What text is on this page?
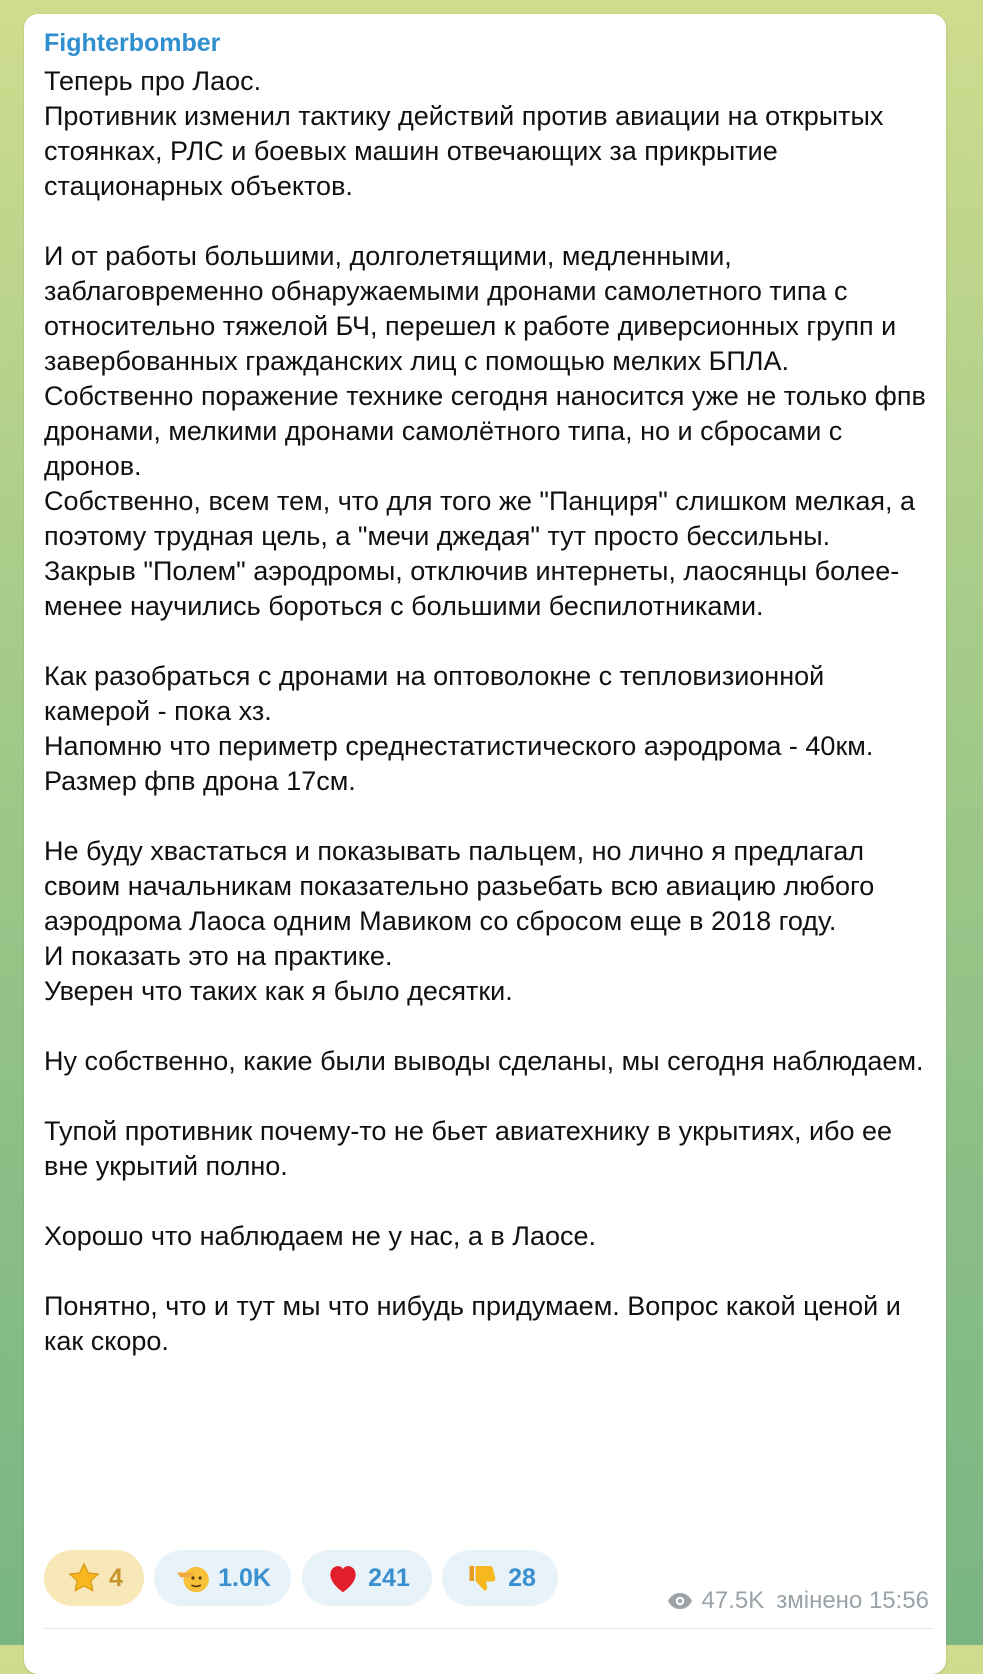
Fighterbomber

Теперь про Лаос.

Противник изменил тактику действий против авиации на открытых стоянках, РЛС и боевых машин отвечающих за прикрытие стационарных объектов.

И от работы большими, долголетящими, медленными, заблаговременно обнаружаемыми дронами самолетного типа с относительно тяжелой БЧ, перешел к работе диверсионных групп и завербованных гражданских лиц с помощью мелких БПЛА.

Собственно поражение технике сегодня наносится уже не только фпв дронами, мелкими дронами самолётного типа, но и сбросами с дронов.

Собственно, всем тем, что для того же "Панциря" слишком мелкая, а поэтому трудная цель, а "мечи джедая" тут просто бессильны.

Закрыв "Полем" аэродромы, отключив интернеты, лаосянцы более-менее научились бороться с большими беспилотниками.

Как разобраться с дронами на оптоволокне с тепловизионной камерой - пока хз.

Напомню что периметр среднестатистического аэродрома - 40км. Размер фпв дрона 17см.

Не буду хвастаться и показывать пальцем, но лично я предлагал своим начальникам показательно разьебать всю авиацию любого аэродрома Лаоса одним Мавиком со сбросом еще в 2018 году.

И показать это на практике.

Уверен что таких как я было десятки.

Ну собственно, какие были выводы сделаны, мы сегодня наблюдаем.

Тупой противник почему-то не бьет авиатехнику в укрытиях, ибо ее вне укрытий полно.

Хорошо что наблюдаем не у нас, а в Лаосе.

Понятно, что и тут мы что нибудь придумаем. Вопрос какой ценой и как скоро.

4	1.0K	241	28
47.5K змінено 15:56
